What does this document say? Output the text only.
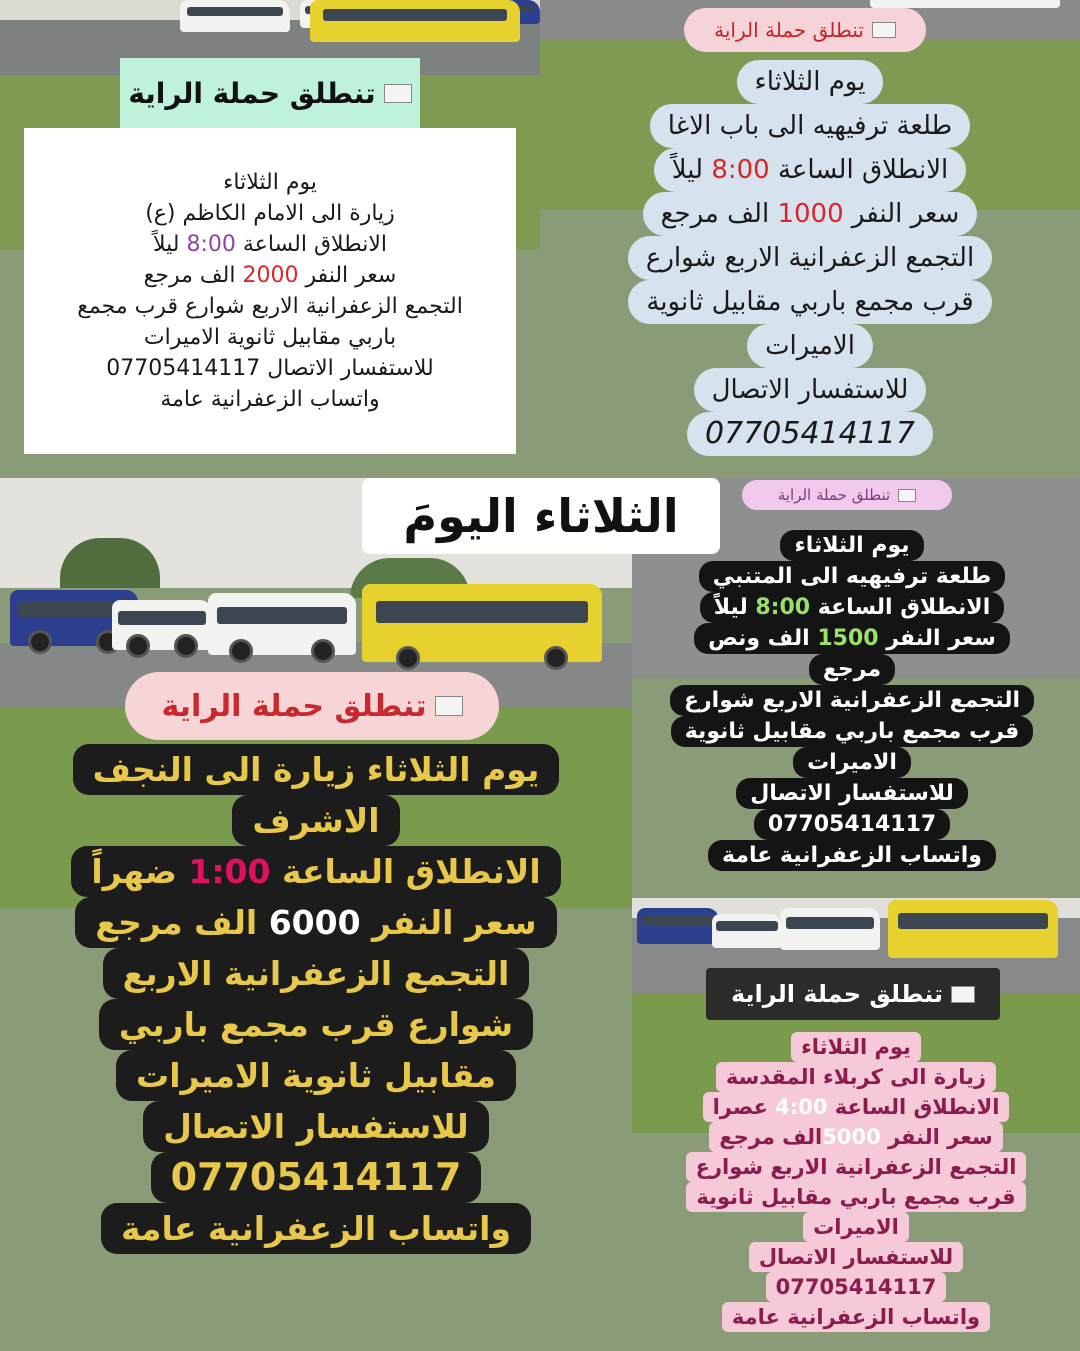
تنطلق حملة الراية
يوم الثلاثاء
زيارة الى الامام الكاظم (ع)
الانطلاق الساعة 8:00 ليلاً
سعر النفر 2000 الف مرجع
التجمع الزعفرانية الاربع شوارع قرب مجمع
باربي مقابيل ثانوية الاميرات
للاستفسار الاتصال 07705414117
واتساب الزعفرانية عامة
تنطلق حملة الراية
يوم الثلاثاء
طلعة ترفيهيه الى باب الاغا
الانطلاق الساعة 8:00 ليلاً
سعر النفر 1000 الف مرجع
التجمع الزعفرانية الاربع شوارع
قرب مجمع باربي مقابيل ثانوية
الاميرات
للاستفسار الاتصال
07705414117
تنطلق حملة الراية
يوم الثلاثاء
طلعة ترفيهيه الى المتنبي
الانطلاق الساعة 8:00 ليلاً
سعر النفر 1500 الف ونص
مرجع
التجمع الزعفرانية الاربع شوارع
قرب مجمع باربي مقابيل ثانوية
الاميرات
للاستفسار الاتصال
07705414117
واتساب الزعفرانية عامة
تنطلق حملة الراية
يوم الثلاثاء زيارة الى النجف
الاشرف
الانطلاق الساعة 1:00 ضهراً
سعر النفر 6000 الف مرجع
التجمع الزعفرانية الاربع
شوارع قرب مجمع باربي
مقابيل ثانوية الاميرات
للاستفسار الاتصال
07705414117
واتساب الزعفرانية عامة
تنطلق حملة الراية
يوم الثلاثاء
زيارة الى كربلاء المقدسة
الانطلاق الساعة 4:00 عصرا
سعر النفر 5000الف مرجع
التجمع الزعفرانية الاربع شوارع
قرب مجمع باربي مقابيل ثانوية
الاميرات
للاستفسار الاتصال
07705414117
واتساب الزعفرانية عامة
الثلاثاء اليومَ
